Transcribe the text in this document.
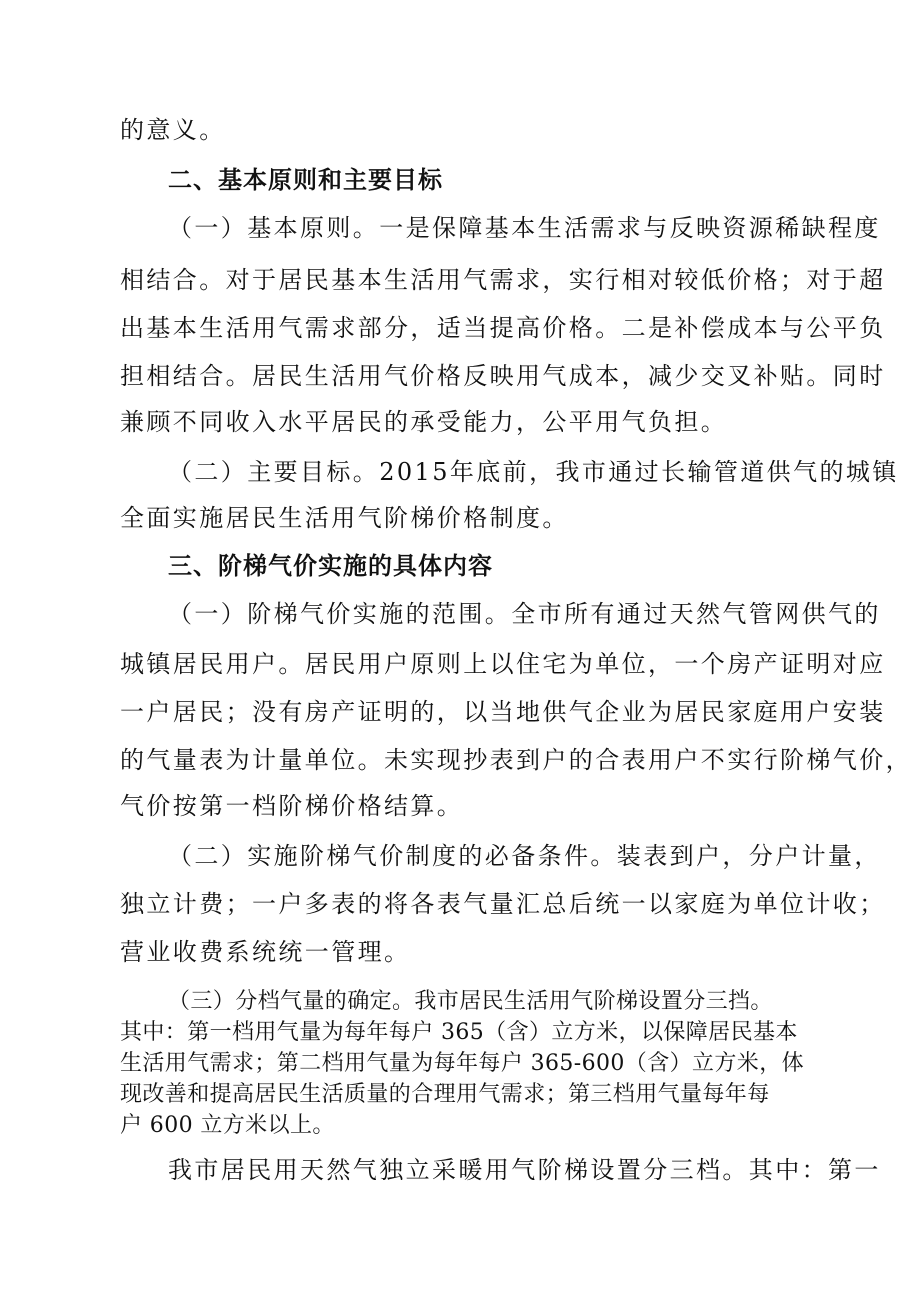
的意义。

二、基本原则和主要目标

（一）基本原则。一是保障基本生活需求与反映资源稀缺程度

相结合。对于居民基本生活用气需求，实行相对较低价格；对于超

出基本生活用气需求部分，适当提高价格。二是补偿成本与公平负

担相结合。居民生活用气价格反映用气成本，减少交叉补贴。同时

兼顾不同收入水平居民的承受能力，公平用气负担。

（二）主要目标。2015年底前，我市通过长输管道供气的城镇

全面实施居民生活用气阶梯价格制度。

三、阶梯气价实施的具体内容

（一）阶梯气价实施的范围。全市所有通过天然气管网供气的

城镇居民用户。居民用户原则上以住宅为单位，一个房产证明对应

一户居民；没有房产证明的，以当地供气企业为居民家庭用户安装

的气量表为计量单位。未实现抄表到户的合表用户不实行阶梯气价，

气价按第一档阶梯价格结算。

（二）实施阶梯气价制度的必备条件。装表到户，分户计量，

独立计费；一户多表的将各表气量汇总后统一以家庭为单位计收；

营业收费系统统一管理。

（三）分档气量的确定。我市居民生活用气阶梯设置分三挡。

其中：第一档用气量为每年每户 365（含）立方米，以保障居民基本

生活用气需求；第二档用气量为每年每户 365-600（含）立方米，体

现改善和提高居民生活质量的合理用气需求；第三档用气量每年每

户 600 立方米以上。

我市居民用天然气独立采暖用气阶梯设置分三档。其中：第一
